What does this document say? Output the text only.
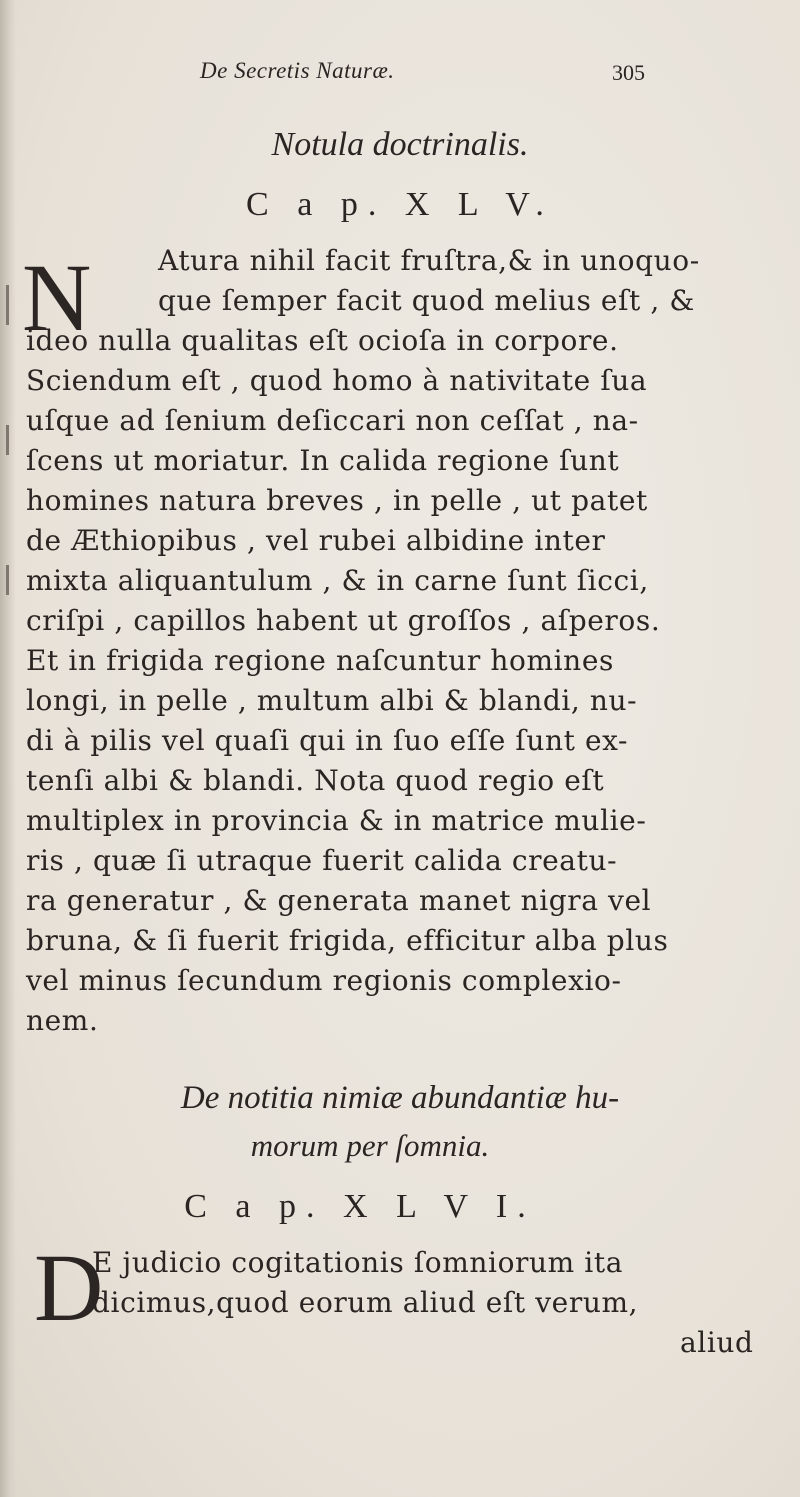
De Secretis Naturæ.	305
Notula doctrinalis.
C a p. X L V.
N Atura nihil facit fruſtra,& in unoquo-
que ſemper facit quod melius eſt , &
ideo nulla qualitas eſt ocioſa in corpore.
Sciendum eſt , quod homo à nativitate ſua
uſque ad ſenium deſiccari non ceſſat , na-
ſcens ut moriatur. In calida regione ſunt
homines natura breves , in pelle , ut patet
de Æthiopibus , vel rubei albidine inter
mixta aliquantulum , & in carne ſunt ſicci,
criſpi , capillos habent ut groſſos , aſperos.
Et in frigida regione naſcuntur homines
longi, in pelle , multum albi & blandi, nu-
di à pilis vel quaſi qui in ſuo eſſe ſunt ex-
tenſi albi & blandi. Nota quod regio eſt
multiplex in provincia & in matrice mulie-
ris , quæ ſi utraque fuerit calida creatu-
ra generatur , & generata manet nigra vel
bruna, & ſi fuerit frigida, efficitur alba plus
vel minus ſecundum regionis complexio-
nem.
De notitia nimiæ abundantiæ hu-
morum per ſomnia.
C a p. X L V I.
D
E judicio cogitationis ſomniorum ita
dicimus,quod eorum aliud eſt verum,
aliud
